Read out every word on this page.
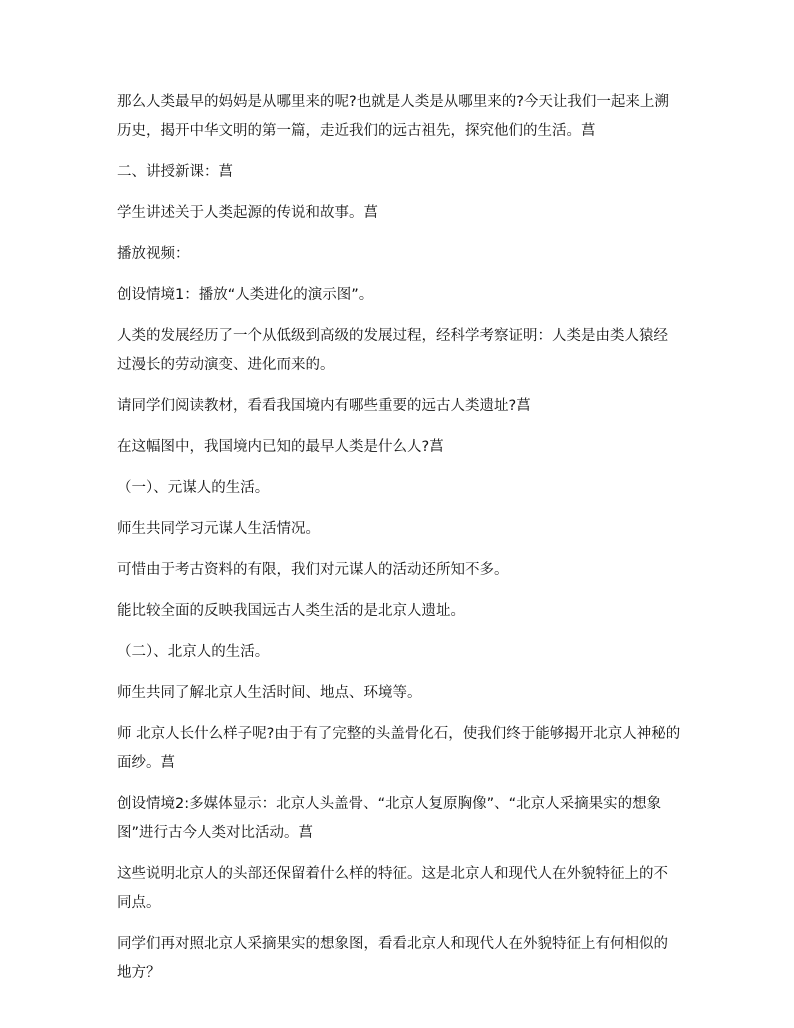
那么人类最早的妈妈是从哪里来的呢?也就是人类是从哪里来的?今天让我们一起来上溯历史，揭开中华文明的第一篇，走近我们的远古祖先，探究他们的生活。菖

二、讲授新课：菖

学生讲述关于人类起源的传说和故事。菖

播放视频：

创设情境1：播放“人类进化的演示图”。

人类的发展经历了一个从低级到高级的发展过程，经科学考察证明：人类是由类人猿经过漫长的劳动演变、进化而来的。

请同学们阅读教材，看看我国境内有哪些重要的远古人类遗址?菖

在这幅图中，我国境内已知的最早人类是什么人?菖

（一）、元谋人的生活。

师生共同学习元谋人生活情况。

可惜由于考古资料的有限，我们对元谋人的活动还所知不多。

能比较全面的反映我国远古人类生活的是北京人遗址。

（二）、北京人的生活。

师生共同了解北京人生活时间、地点、环境等。

师 北京人长什么样子呢?由于有了完整的头盖骨化石，使我们终于能够揭开北京人神秘的面纱。菖

创设情境2:多媒体显示：北京人头盖骨、“北京人复原胸像”、“北京人采摘果实的想象图”进行古今人类对比活动。菖

这些说明北京人的头部还保留着什么样的特征。这是北京人和现代人在外貌特征上的不同点。

同学们再对照北京人采摘果实的想象图，看看北京人和现代人在外貌特征上有何相似的地方？
